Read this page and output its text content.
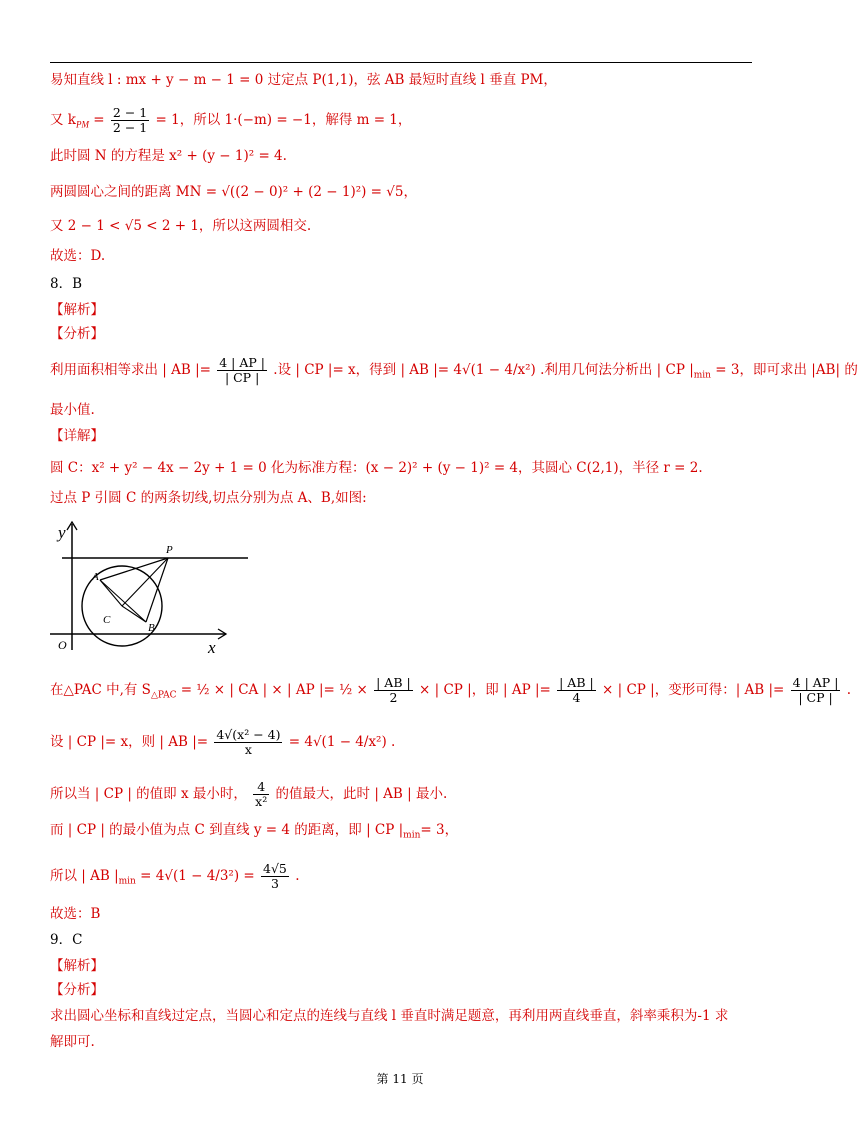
易知直线 l : mx + y − m − 1 = 0 过定点 P(1,1)，弦 AB 最短时直线 l 垂直 PM，
又 $k_{PM} = \frac{2 - 1}{2 - 1} = 1$，所以 1·(−m) = −1，解得 m = 1，
此时圆 N 的方程是 x² + (y − 1)² = 4.
两圆圆心之间的距离 MN = √((2 − 0)² + (2 − 1)²) = √5，
又 2 − 1 < √5 < 2 + 1，所以这两圆相交.
故选：D.
8．B
【解析】
【分析】
利用面积相等求出 | AB |= $\frac{4 | AP |}{| CP |}$ .设 | CP |= x，得到 | AB |= 4√(1 − 4/x²) .利用几何法分析出 | CP $|_{min} = 3$，即可求出 |AB| 的
最小值.
【详解】
圆 C：x² + y² − 4x − 2y + 1 = 0 化为标准方程：(x − 2)² + (y − 1)² = 4，其圆心 C(2,1)，半径 r = 2.
过点 P 引圆 C 的两条切线,切点分别为点 A、B,如图:
y
x
O
P
A
C
B
在△PAC 中,有 $S_{\triangle PAC}$ = ½ × | CA | × | AP |= ½ × $\frac{| AB |}{2}$ × | CP |，即 | AP |= $\frac{| AB |}{4}$ × | CP |，变形可得：| AB |= $\frac{4 | AP |}{| CP |}$ .
设 | CP |= x，则 | AB |= $\frac{\text{4√(x² − 4)}}{x} = 4√(1 - 4/x^2)$ .
所以当 | CP | 的值即 x 最小时， $\frac{4}{\text{x²}}$ 的值最大，此时 | AB | 最小.
而 | CP | 的最小值为点 C 到直线 y = 4 的距离，即 | CP $|_{min}= 3$，
所以 | AB $|_{min} = 4√(1 - 4/3^2) = \frac{4√5}{3}$ .
故选：B
9．C
【解析】
【分析】
求出圆心坐标和直线过定点，当圆心和定点的连线与直线 l 垂直时满足题意，再利用两直线垂直，斜率乘积为-1 求
解即可.
第 11 页
